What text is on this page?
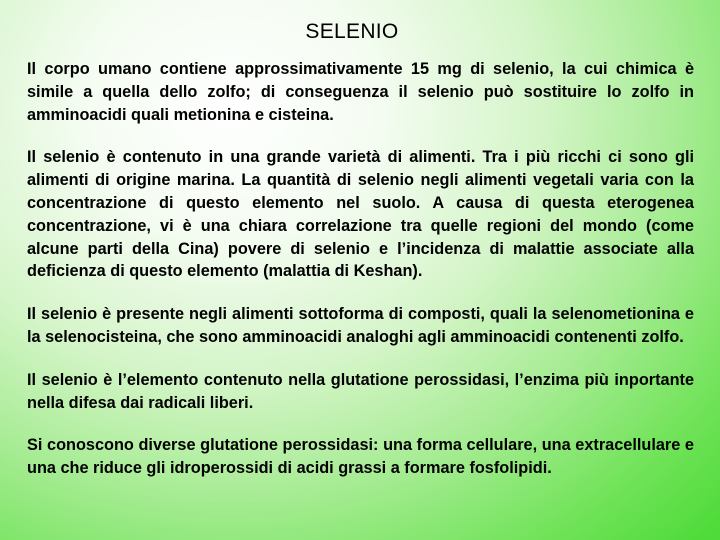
SELENIO

Il corpo umano contiene approssimativamente 15 mg di selenio, la cui chimica è simile a quella dello zolfo; di conseguenza il selenio può sostituire lo zolfo in amminoacidi quali metionina e cisteina.

Il selenio è contenuto in una grande varietà di alimenti. Tra i più ricchi ci sono gli alimenti di origine marina. La quantità di selenio negli alimenti vegetali varia con la concentrazione di questo elemento nel suolo. A causa di questa eterogenea concentrazione, vi è una chiara correlazione tra quelle regioni del mondo (come alcune parti della Cina) povere di selenio e l’incidenza di malattie associate alla deficienza di questo elemento (malattia di Keshan).

Il selenio è presente negli alimenti sottoforma di composti, quali la selenometionina e la selenocisteina, che sono amminoacidi analoghi agli amminoacidi contenenti zolfo.

Il selenio è l’elemento contenuto nella glutatione perossidasi, l’enzima più inportante nella difesa dai radicali liberi.

Si conoscono diverse glutatione perossidasi: una forma cellulare, una extracellulare e una che riduce gli idroperossidi di acidi grassi a formare fosfolipidi.
